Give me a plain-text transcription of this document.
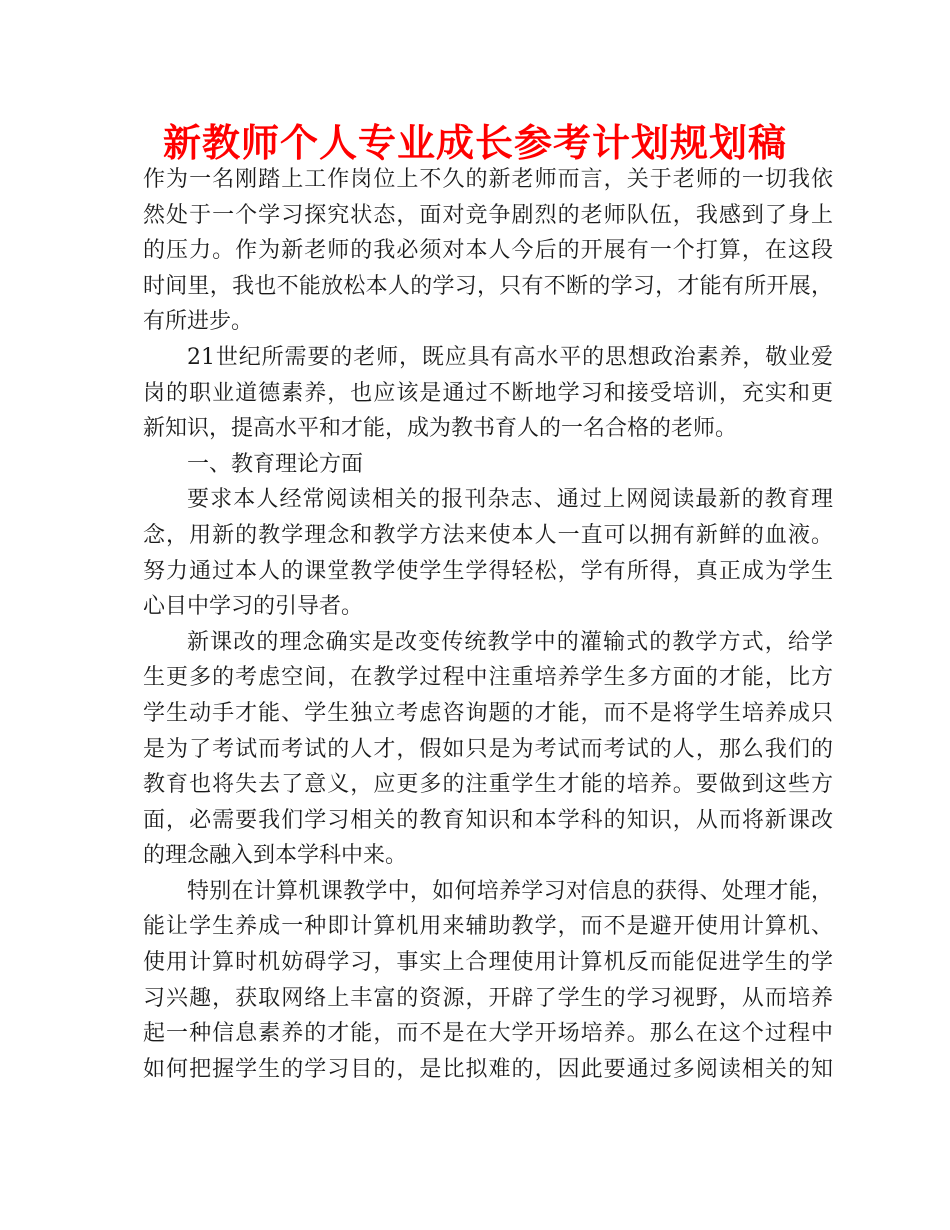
新教师个人专业成长参考计划规划稿
作为一名刚踏上工作岗位上不久的新老师而言，关于老师的一切我依
然处于一个学习探究状态，面对竞争剧烈的老师队伍，我感到了身上
的压力。作为新老师的我必须对本人今后的开展有一个打算，在这段
时间里，我也不能放松本人的学习，只有不断的学习，才能有所开展，
有所进步。
21世纪所需要的老师，既应具有高水平的思想政治素养，敬业爱
岗的职业道德素养，也应该是通过不断地学习和接受培训，充实和更
新知识，提高水平和才能，成为教书育人的一名合格的老师。
一、教育理论方面
要求本人经常阅读相关的报刊杂志、通过上网阅读最新的教育理
念，用新的教学理念和教学方法来使本人一直可以拥有新鲜的血液。
努力通过本人的课堂教学使学生学得轻松，学有所得，真正成为学生
心目中学习的引导者。
新课改的理念确实是改变传统教学中的灌输式的教学方式，给学
生更多的考虑空间，在教学过程中注重培养学生多方面的才能，比方
学生动手才能、学生独立考虑咨询题的才能，而不是将学生培养成只
是为了考试而考试的人才，假如只是为考试而考试的人，那么我们的
教育也将失去了意义，应更多的注重学生才能的培养。要做到这些方
面，必需要我们学习相关的教育知识和本学科的知识，从而将新课改
的理念融入到本学科中来。
特别在计算机课教学中，如何培养学习对信息的获得、处理才能，
能让学生养成一种即计算机用来辅助教学，而不是避开使用计算机、
使用计算时机妨碍学习，事实上合理使用计算机反而能促进学生的学
习兴趣，获取网络上丰富的资源，开辟了学生的学习视野，从而培养
起一种信息素养的才能，而不是在大学开场培养。那么在这个过程中
如何把握学生的学习目的，是比拟难的，因此要通过多阅读相关的知
